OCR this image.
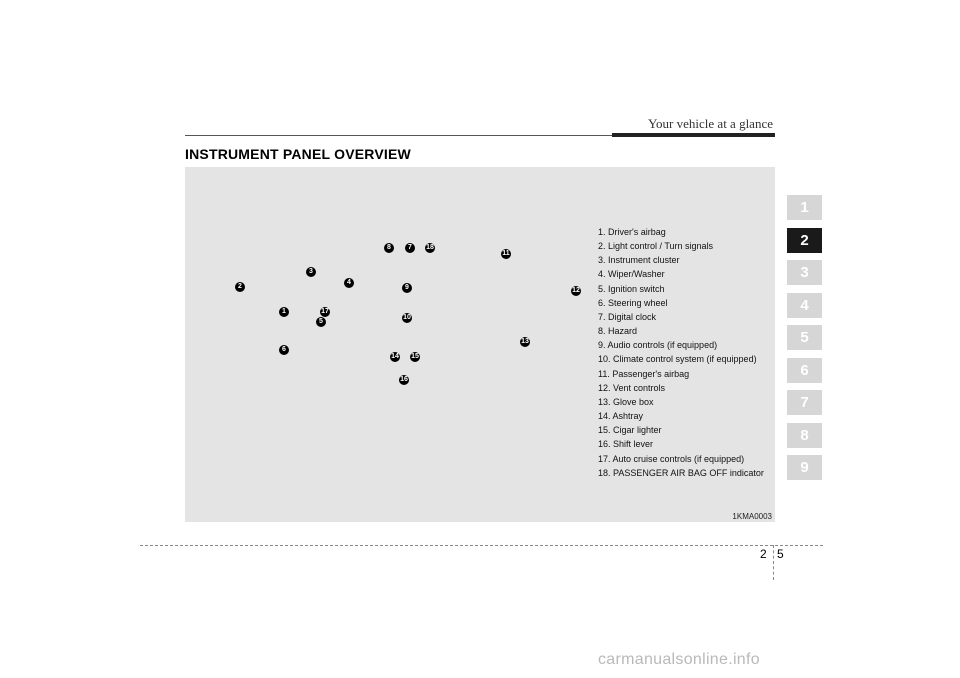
Your vehicle at a glance
INSTRUMENT PANEL OVERVIEW
1
2
3
4
5
6
7
8
9
10
11
12
13
14 15
16
17
18
1. Driver's airbag
2. Light control / Turn signals
3. Instrument cluster
4. Wiper/Washer
5. Ignition switch
6. Steering wheel
7. Digital clock
8. Hazard
9. Audio controls (if equipped)
10. Climate control system (if equipped)
11. Passenger's airbag
12. Vent controls
13. Glove box
14. Ashtray
15. Cigar lighter
16. Shift lever
17. Auto cruise controls (if equipped)
18. PASSENGER AIR BAG OFF indicator
1KMA0003
1
2
3
4
5
6
7
8
9
2 5
carmanualsonline.info
